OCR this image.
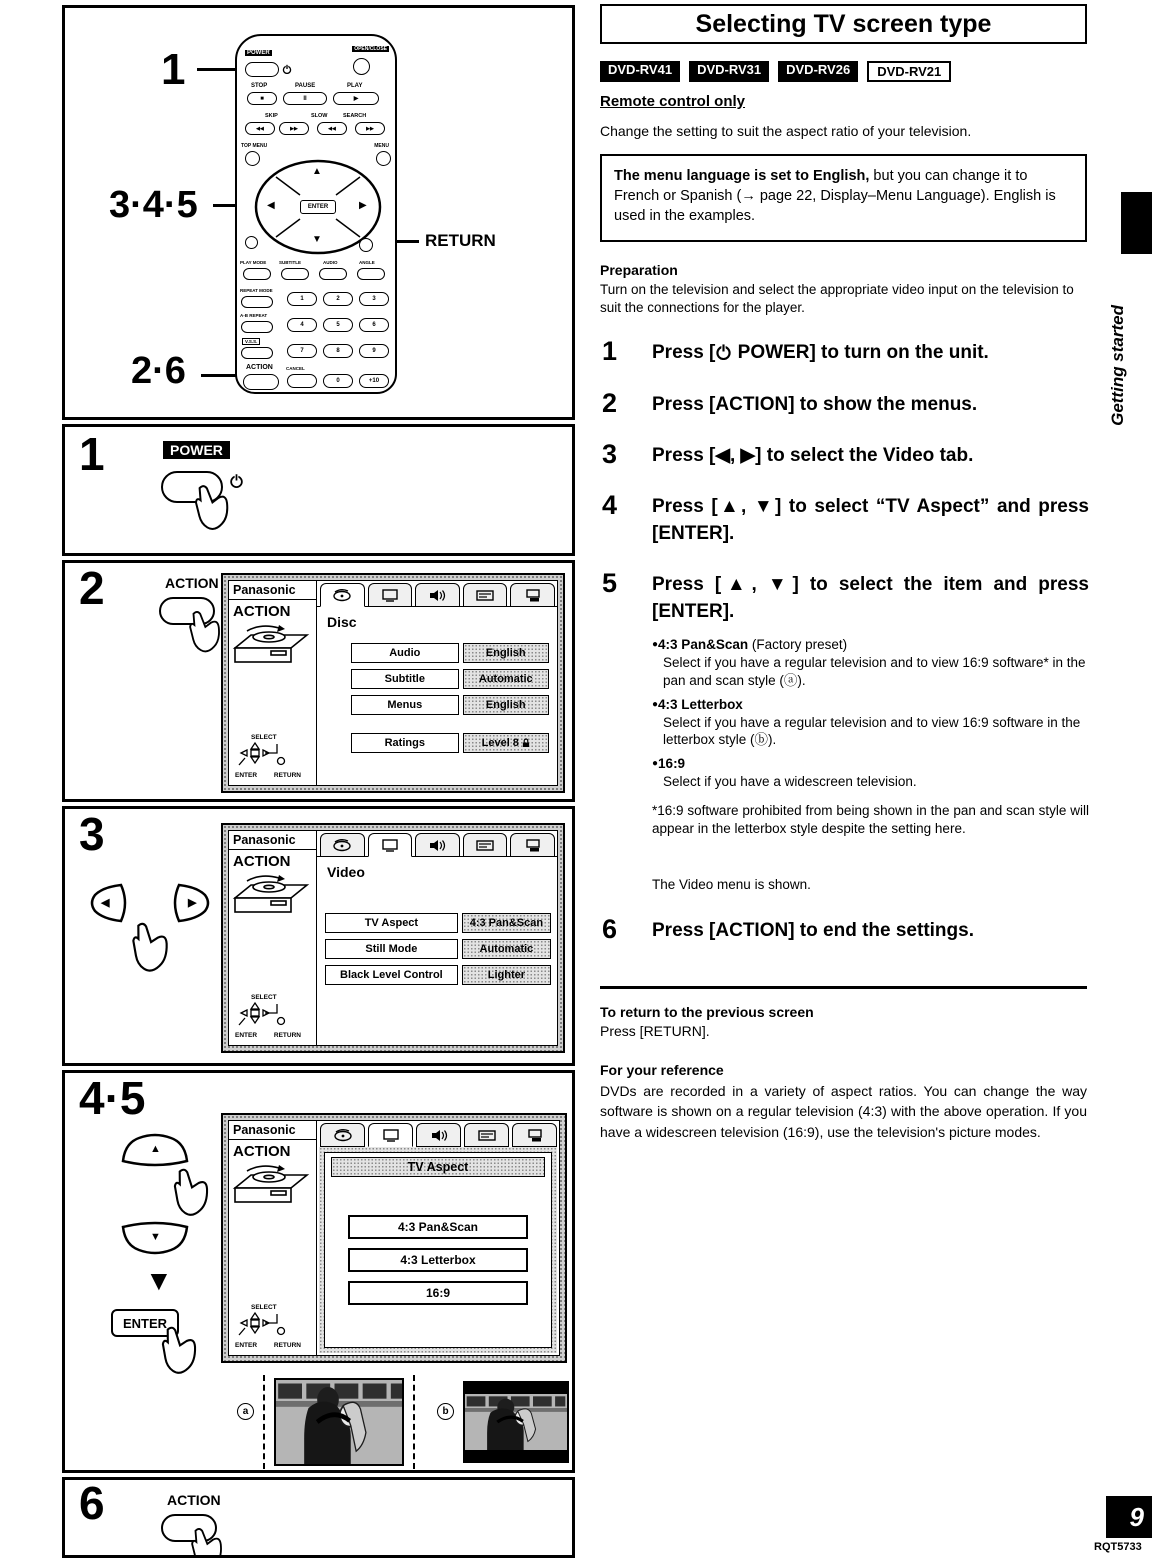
1
3·4·5
RETURN
2·6
POWER
OPEN/CLOSE
STOP	PAUSE	PLAY
■	II	▶
SKIP	SLOW	SEARCH
◀◀	▶▶	◀◀	▶▶
TOP MENU	MENU
▲
▼
◀	▶
ENTER
PLAY MODE	SUBTITLE	AUDIO	ANGLE
REPEAT MODE
A-B REPEAT
V.S.S.
ACTION	CANCEL
1	2	3
4	5	6
7	8	9
0	+10
1	POWER
2	ACTION	Panasonic
ACTION
SELECT
ENTER	RETURN
Disc
Audio	English
Subtitle	Automatic
Menus	English
Ratings	Level 8
3
◀	▶
Panasonic
ACTION
SELECT
ENTER	RETURN
Video
TV Aspect	4:3 Pan&Scan
Still Mode	Automatic
Black Level Control	Lighter
4·5
▲
▼
▼
ENTER
Panasonic
ACTION
SELECT
ENTER	RETURN
TV Aspect
4:3 Pan&Scan
4:3 Letterbox
16:9
a	b
6	ACTION
Selecting TV screen type
DVD-RV41	DVD-RV31	DVD-RV26	DVD-RV21
Remote control only
Change the setting to suit the aspect ratio of your television.
The menu language is set to English, but you can change it to French or Spanish (→ page 22, Display–Menu Language). English is used in the examples.
Preparation
Turn on the television and select the appropriate video input on the television to suit the connections for the player.
1	Press [ POWER] to turn on the unit.
2	Press [ACTION] to show the menus.
3	Press [◀, ▶] to select the Video tab.
4	Press [▲, ▼] to select “TV Aspect” and press [ENTER].
5	Press [▲, ▼] to select the item and press [ENTER].
●4:3 Pan&Scan (Factory preset)
Select if you have a regular television and to view 16:9 software* in the pan and scan style (ⓐ).
●4:3 Letterbox
Select if you have a regular television and to view 16:9 software in the letterbox style (ⓑ).
●16:9
Select if you have a widescreen television.
*16:9 software prohibited from being shown in the pan and scan style will appear in the letterbox style despite the setting here.
The Video menu is shown.
6	Press [ACTION] to end the settings.
To return to the previous screen
Press [RETURN].
For your reference
DVDs are recorded in a variety of aspect ratios. You can change the way software is shown on a regular television (4:3) with the above operation. If you have a widescreen television (16:9), use the television's picture modes.
Getting started
9
RQT5733
